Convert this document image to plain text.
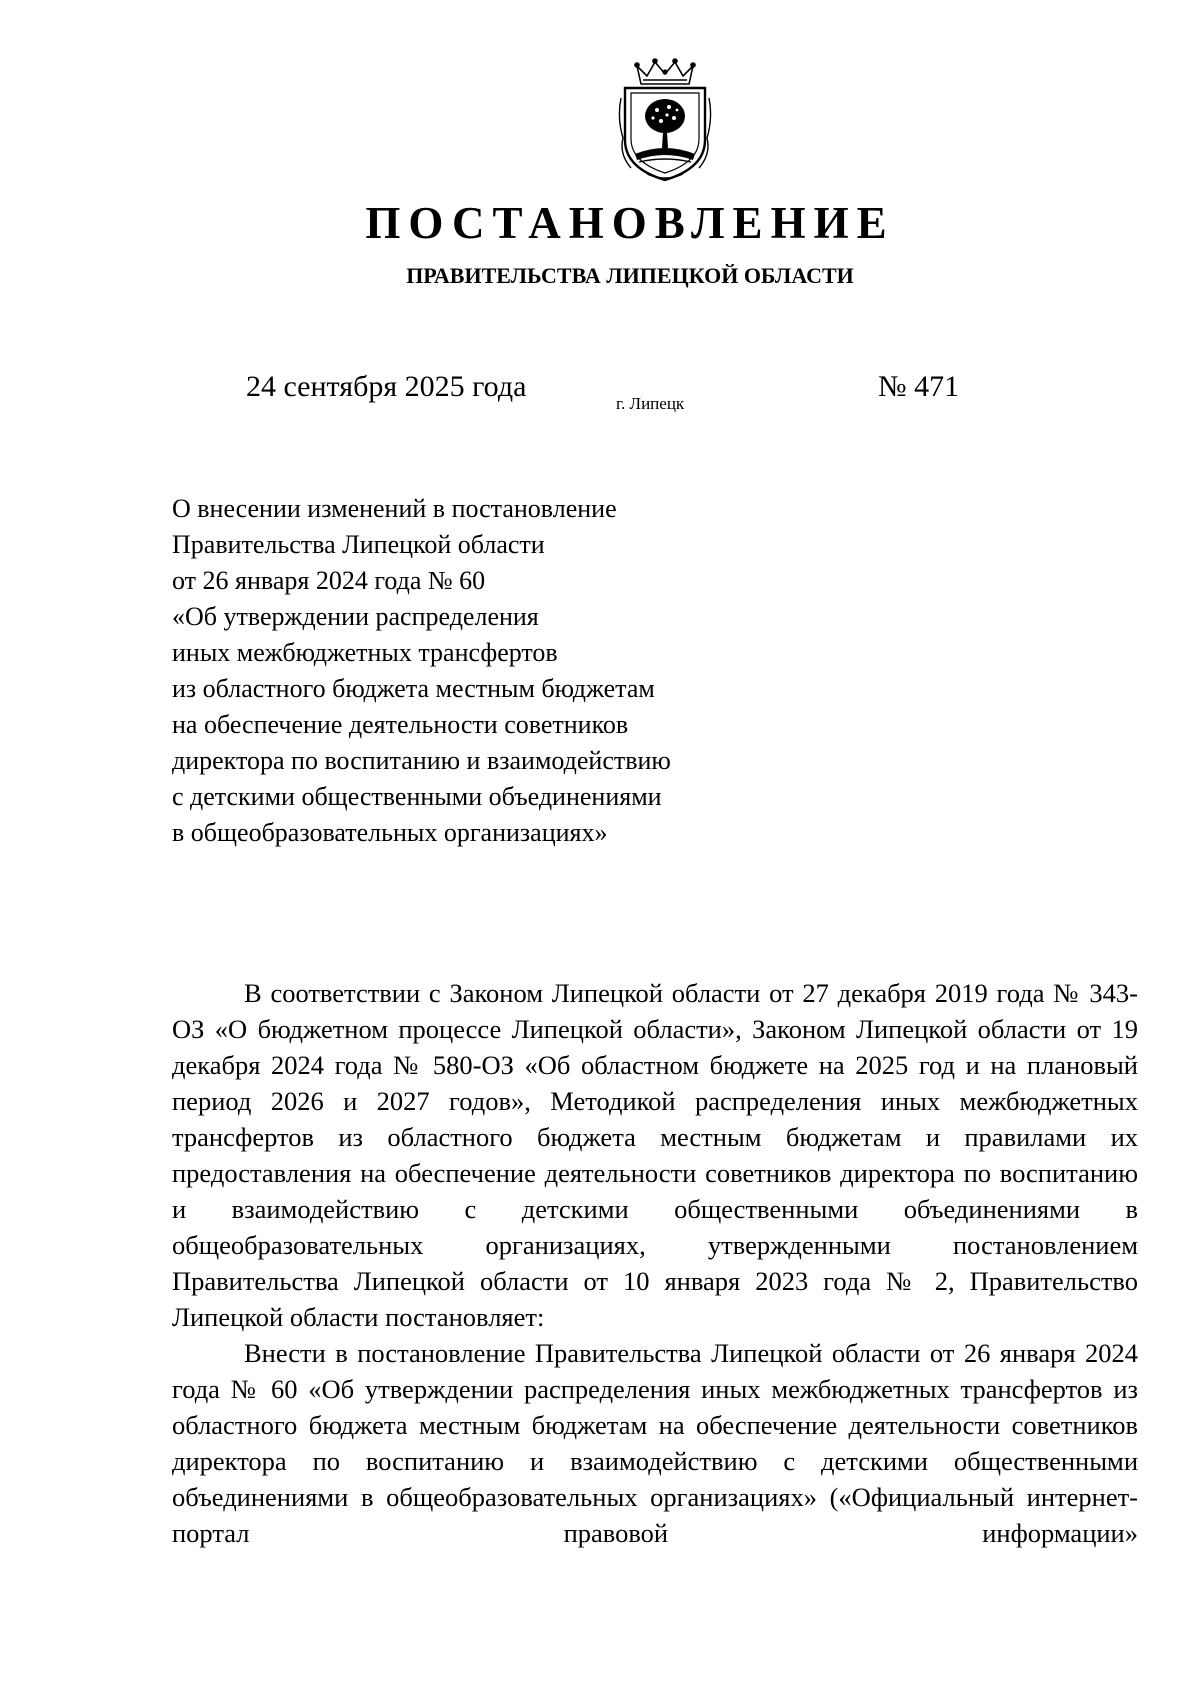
ПОСТАНОВЛЕНИЕ
ПРАВИТЕЛЬСТВА ЛИПЕЦКОЙ ОБЛАСТИ
24 сентября 2025 года
г. Липецк
№ 471
О внесении изменений в постановление
Правительства Липецкой области
от 26 января 2024 года № 60
«Об утверждении распределения
иных межбюджетных трансфертов
из областного бюджета местным бюджетам
на обеспечение деятельности советников
директора по воспитанию и взаимодействию
с детскими общественными объединениями
в общеобразовательных организациях»

В соответствии с Законом Липецкой области от 27 декабря 2019 года № 343-ОЗ «О бюджетном процессе Липецкой области», Законом Липецкой области от 19 декабря 2024 года № 580-ОЗ «Об областном бюджете на 2025 год и на плановый период 2026 и 2027 годов», Методикой распределения иных межбюджетных трансфертов из областного бюджета местным бюджетам и правилами их предоставления на обеспечение деятельности советников директора по воспитанию и взаимодействию с детскими общественными объединениями в общеобразовательных организациях, утвержденными постановлением Правительства Липецкой области от 10 января 2023 года № 2, Правительство Липецкой области постановляет:

Внести в постановление Правительства Липецкой области от 26 января 2024 года № 60 «Об утверждении распределения иных межбюджетных трансфертов из областного бюджета местным бюджетам на обеспечение деятельности советников директора по воспитанию и взаимодействию с детскими общественными объединениями в общеобразовательных организациях» («Официальный интернет-портал правовой информации»
